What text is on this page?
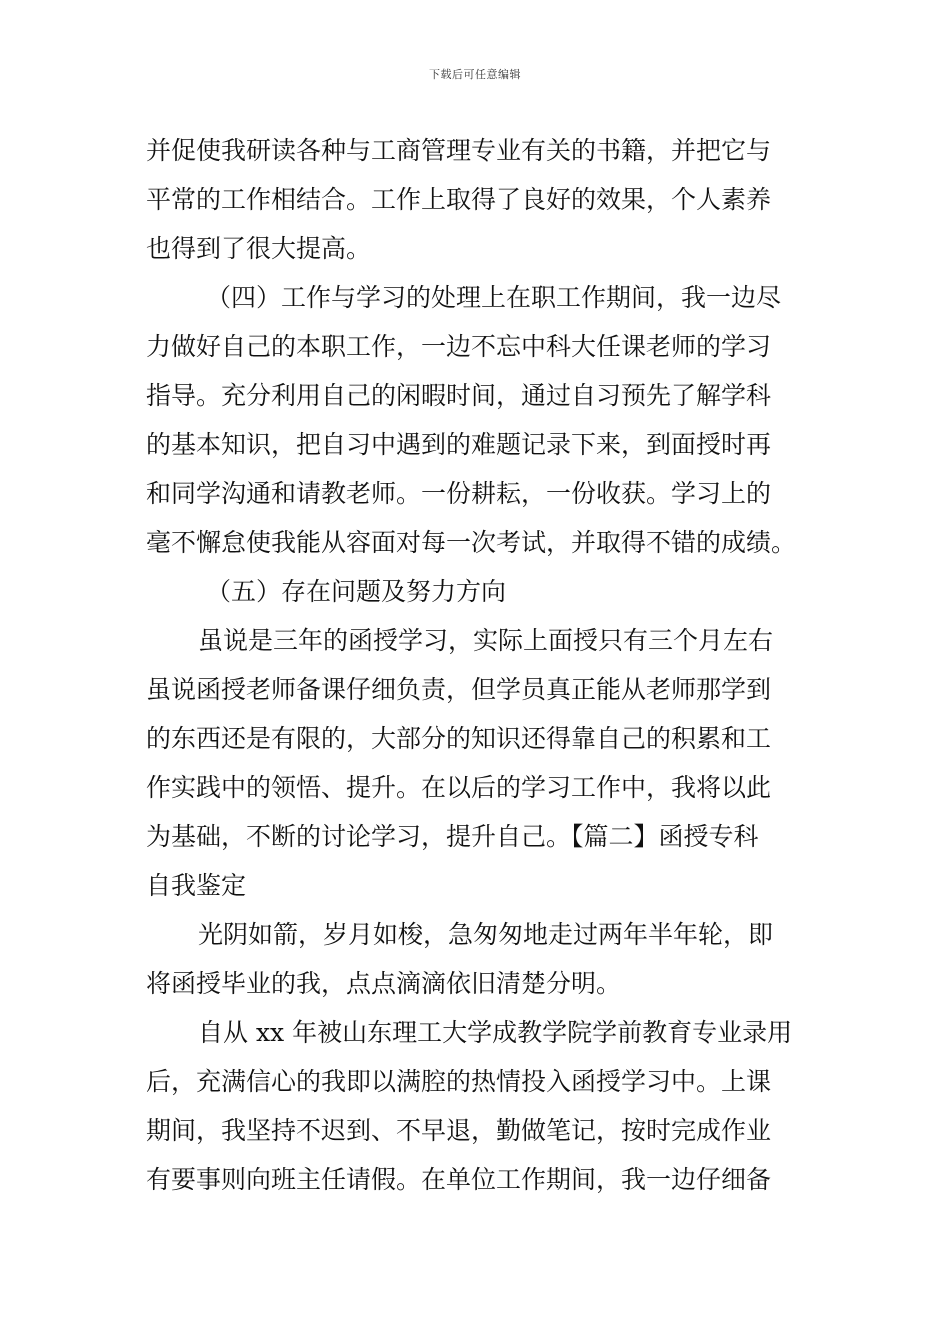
下载后可任意编辑
并促使我研读各种与工商管理专业有关的书籍，并把它与
平常的工作相结合。工作上取得了良好的效果，个人素养
也得到了很大提高。
（四）工作与学习的处理上在职工作期间，我一边尽
力做好自己的本职工作，一边不忘中科大任课老师的学习
指导。充分利用自己的闲暇时间，通过自习预先了解学科
的基本知识，把自习中遇到的难题记录下来，到面授时再
和同学沟通和请教老师。一份耕耘，一份收获。学习上的
毫不懈怠使我能从容面对每一次考试，并取得不错的成绩。
（五）存在问题及努力方向
虽说是三年的函授学习，实际上面授只有三个月左右
虽说函授老师备课仔细负责，但学员真正能从老师那学到
的东西还是有限的，大部分的知识还得靠自己的积累和工
作实践中的领悟、提升。在以后的学习工作中，我将以此
为基础，不断的讨论学习，提升自己。【篇二】函授专科
自我鉴定
光阴如箭，岁月如梭，急匆匆地走过两年半年轮，即
将函授毕业的我，点点滴滴依旧清楚分明。
自从 xx 年被山东理工大学成教学院学前教育专业录用
后，充满信心的我即以满腔的热情投入函授学习中。上课
期间，我坚持不迟到、不早退，勤做笔记，按时完成作业
有要事则向班主任请假。在单位工作期间，我一边仔细备
